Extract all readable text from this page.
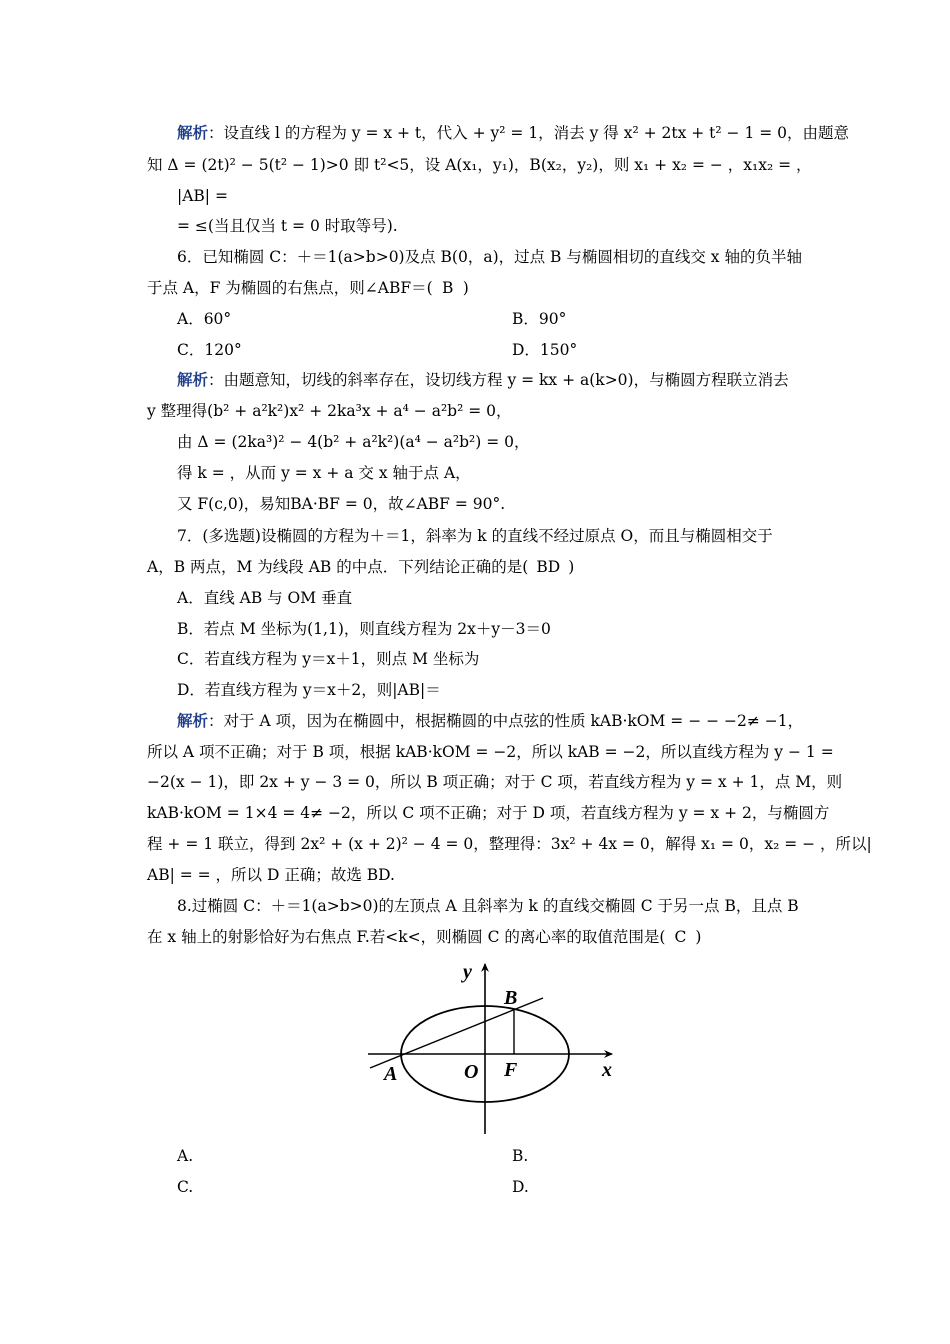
解析：设直线 l 的方程为 y = x + t，代入 + y² = 1，消去 y 得 x² + 2tx + t² − 1 = 0，由题意
知 Δ = (2t)² − 5(t² − 1)>0 即 t²<5，设 A(x₁，y₁)，B(x₂，y₂)，则 x₁ + x₂ = − ，x₁x₂ = ，
|AB| =
= ≤(当且仅当 t = 0 时取等号).
6．已知椭圆 C：＋＝1(a>b>0)及点 B(0，a)，过点 B 与椭圆相切的直线交 x 轴的负半轴
于点 A，F 为椭圆的右焦点，则∠ABF＝( B )
A．60°	B．90°
C．120°	D．150°
解析：由题意知，切线的斜率存在，设切线方程 y = kx + a(k>0)，与椭圆方程联立消去
y 整理得(b² + a²k²)x² + 2ka³x + a⁴ − a²b² = 0，
由 Δ = (2ka³)² − 4(b² + a²k²)(a⁴ − a²b²) = 0，
得 k = ，从而 y = x + a 交 x 轴于点 A，
又 F(c,0)，易知BA·BF = 0，故∠ABF = 90°.
7．(多选题)设椭圆的方程为＋＝1，斜率为 k 的直线不经过原点 O，而且与椭圆相交于
A，B 两点，M 为线段 AB 的中点．下列结论正确的是( BD )
A．直线 AB 与 OM 垂直
B．若点 M 坐标为(1,1)，则直线方程为 2x＋y－3＝0
C．若直线方程为 y＝x＋1，则点 M 坐标为
D．若直线方程为 y＝x＋2，则|AB|＝
解析：对于 A 项，因为在椭圆中，根据椭圆的中点弦的性质 kAB·kOM = − − −2≠ −1，
所以 A 项不正确；对于 B 项，根据 kAB·kOM = −2，所以 kAB = −2，所以直线方程为 y − 1 =
−2(x − 1)，即 2x + y − 3 = 0，所以 B 项正确；对于 C 项，若直线方程为 y = x + 1，点 M，则
kAB·kOM = 1×4 = 4≠ −2，所以 C 项不正确；对于 D 项，若直线方程为 y = x + 2，与椭圆方
程 + = 1 联立，得到 2x² + (x + 2)² − 4 = 0，整理得：3x² + 4x = 0，解得 x₁ = 0，x₂ = − ，所以|
AB| = = ，所以 D 正确；故选 BD.
8.过椭圆 C：＋＝1(a>b>0)的左顶点 A 且斜率为 k 的直线交椭圆 C 于另一点 B，且点 B
在 x 轴上的射影恰好为右焦点 F.若<k<，则椭圆 C 的离心率的取值范围是( C )
y
x
O
A
B
F
A.	B.
C.	D.
